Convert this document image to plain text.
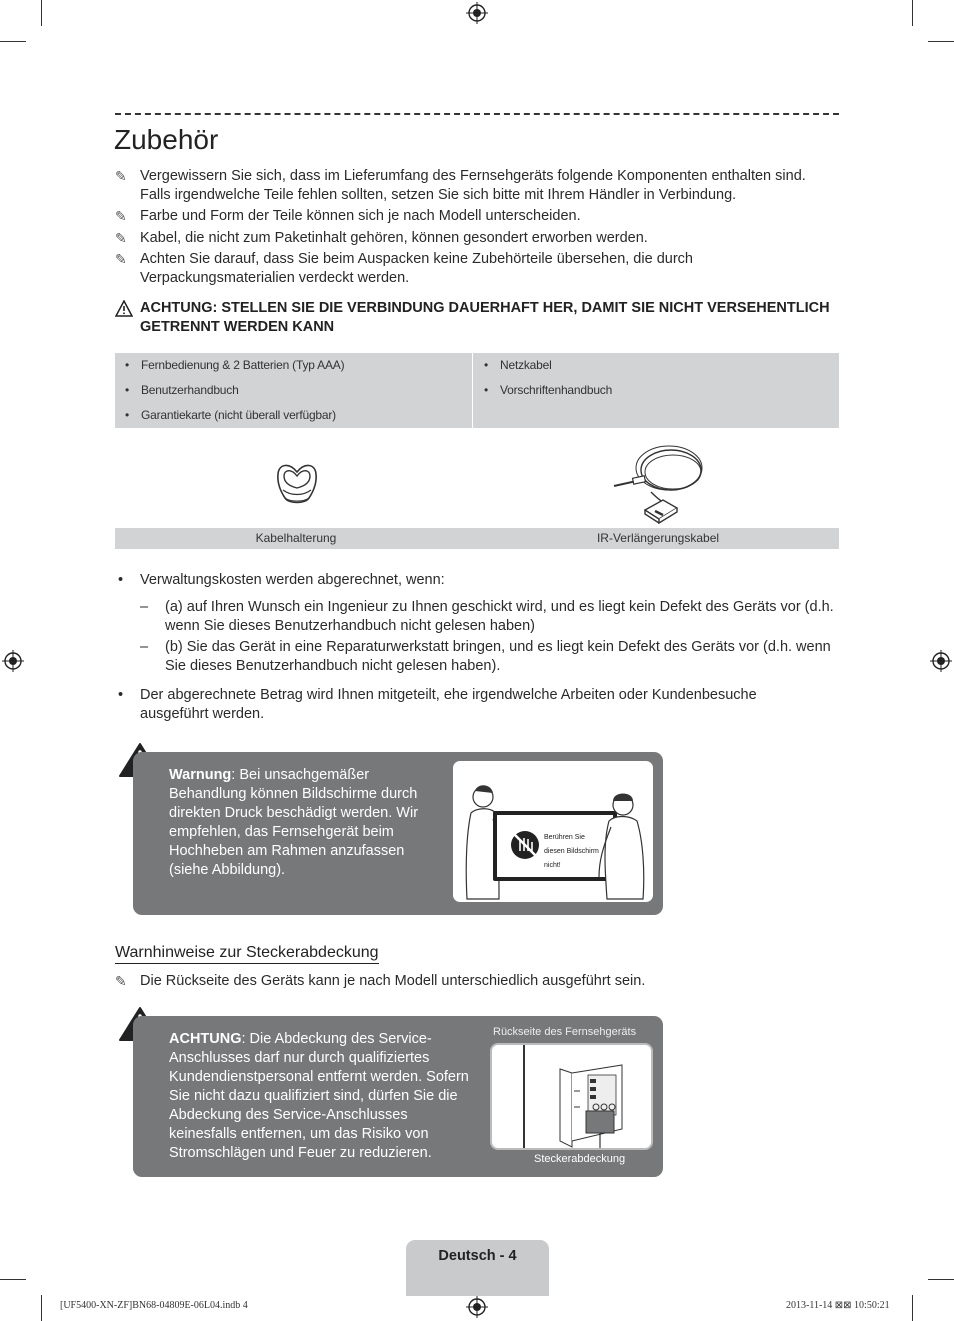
Zubehör
✎ Vergewissern Sie sich, dass im Lieferumfang des Fernsehgeräts folgende Komponenten enthalten sind. Falls irgendwelche Teile fehlen sollten, setzen Sie sich bitte mit Ihrem Händler in Verbindung.
✎ Farbe und Form der Teile können sich je nach Modell unterscheiden.
✎ Kabel, die nicht zum Paketinhalt gehören, können gesondert erworben werden.
✎ Achten Sie darauf, dass Sie beim Auspacken keine Zubehörteile übersehen, die durch Verpackungsmaterialien verdeckt werden.
ACHTUNG: STELLEN SIE DIE VERBINDUNG DAUERHAFT HER, DAMIT SIE NICHT VERSEHENTLICH GETRENNT WERDEN KANN
• Fernbedienung & 2 Batterien (Typ AAA)
• Benutzerhandbuch
• Garantiekarte (nicht überall verfügbar)
• Netzkabel
• Vorschriftenhandbuch
Kabelhalterung	IR-Verlängerungskabel
• Verwaltungskosten werden abgerechnet, wenn:
– (a) auf Ihren Wunsch ein Ingenieur zu Ihnen geschickt wird, und es liegt kein Defekt des Geräts vor (d.h. wenn Sie dieses Benutzerhandbuch nicht gelesen haben)
– (b) Sie das Gerät in eine Reparaturwerkstatt bringen, und es liegt kein Defekt des Geräts vor (d.h. wenn Sie dieses Benutzerhandbuch nicht gelesen haben).
• Der abgerechnete Betrag wird Ihnen mitgeteilt, ehe irgendwelche Arbeiten oder Kundenbesuche ausgeführt werden.
Warnung: Bei unsachgemäßer Behandlung können Bildschirme durch direkten Druck beschädigt werden. Wir empfehlen, das Fernsehgerät beim Hochheben am Rahmen anzufassen (siehe Abbildung).
Berühren Sie
diesen Bildschirm
nicht!
Warnhinweise zur Steckerabdeckung
✎ Die Rückseite des Geräts kann je nach Modell unterschiedlich ausgeführt sein.
ACHTUNG: Die Abdeckung des Service-Anschlusses darf nur durch qualifiziertes Kundendienstpersonal entfernt werden. Sofern Sie nicht dazu qualifiziert sind, dürfen Sie die Abdeckung des Service-Anschlusses keinesfalls entfernen, um das Risiko von Stromschlägen und Feuer zu reduzieren.
Rückseite des Fernsehgeräts
Steckerabdeckung
Deutsch - 4
[UF5400-XN-ZF]BN68-04809E-06L04.indb 4	2013-11-14 ⊠⊠ 10:50:21
